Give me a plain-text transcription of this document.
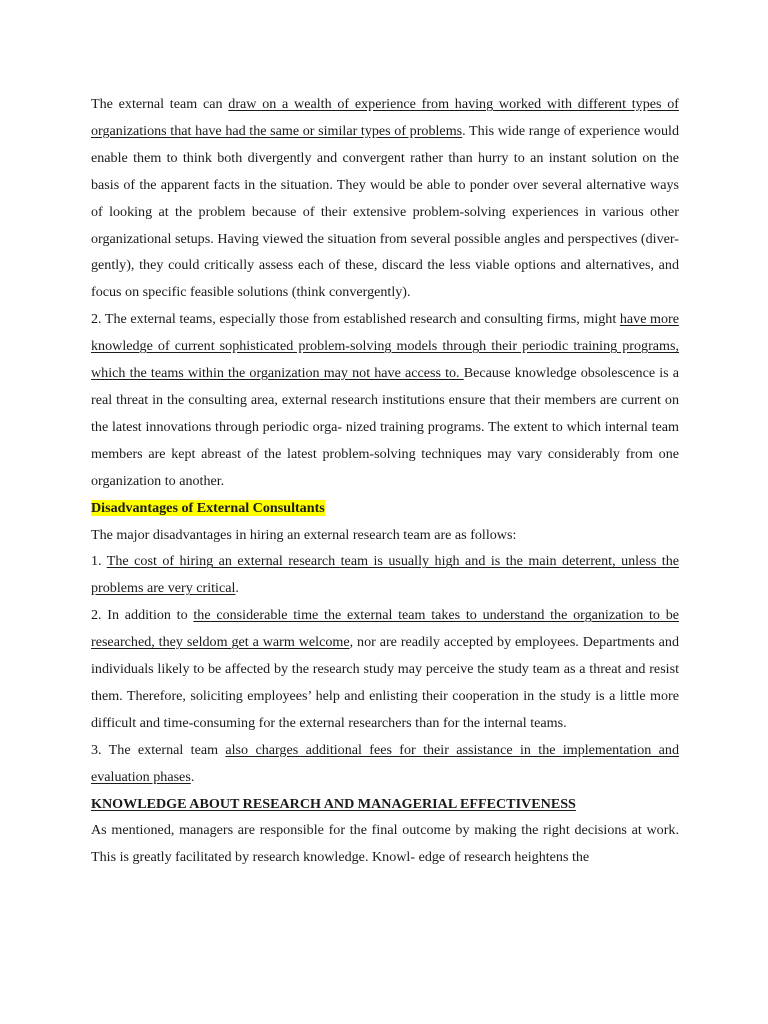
The external team can draw on a wealth of experience from having worked with different types of organizations that have had the same or similar types of problems. This wide range of experience would enable them to think both divergently and convergent rather than hurry to an instant solution on the basis of the apparent facts in the situation. They would be able to ponder over several alternative ways of looking at the problem because of their extensive problem-solving experiences in various other organizational setups. Having viewed the situation from several possible angles and perspectives (diver- gently), they could critically assess each of these, discard the less viable options and alternatives, and focus on specific feasible solutions (think convergently).

2. The external teams, especially those from established research and consulting firms, might have more knowledge of current sophisticated problem-solving models through their periodic training programs, which the teams within the organization may not have access to. Because knowledge obsolescence is a real threat in the consulting area, external research institutions ensure that their members are current on the latest innovations through periodic orga- nized training programs. The extent to which internal team members are kept abreast of the latest problem-solving techniques may vary considerably from one organization to another.

Disadvantages of External Consultants

The major disadvantages in hiring an external research team are as follows:

1. The cost of hiring an external research team is usually high and is the main deterrent, unless the problems are very critical.

2. In addition to the considerable time the external team takes to understand the organization to be researched, they seldom get a warm welcome, nor are readily accepted by employees. Departments and individuals likely to be affected by the research study may perceive the study team as a threat and resist them. Therefore, soliciting employees’ help and enlisting their cooperation in the study is a little more difficult and time-consuming for the external researchers than for the internal teams.

3. The external team also charges additional fees for their assistance in the implementation and evaluation phases.

KNOWLEDGE ABOUT RESEARCH AND MANAGERIAL EFFECTIVENESS

As mentioned, managers are responsible for the final outcome by making the right decisions at work. This is greatly facilitated by research knowledge. Knowl- edge of research heightens the
